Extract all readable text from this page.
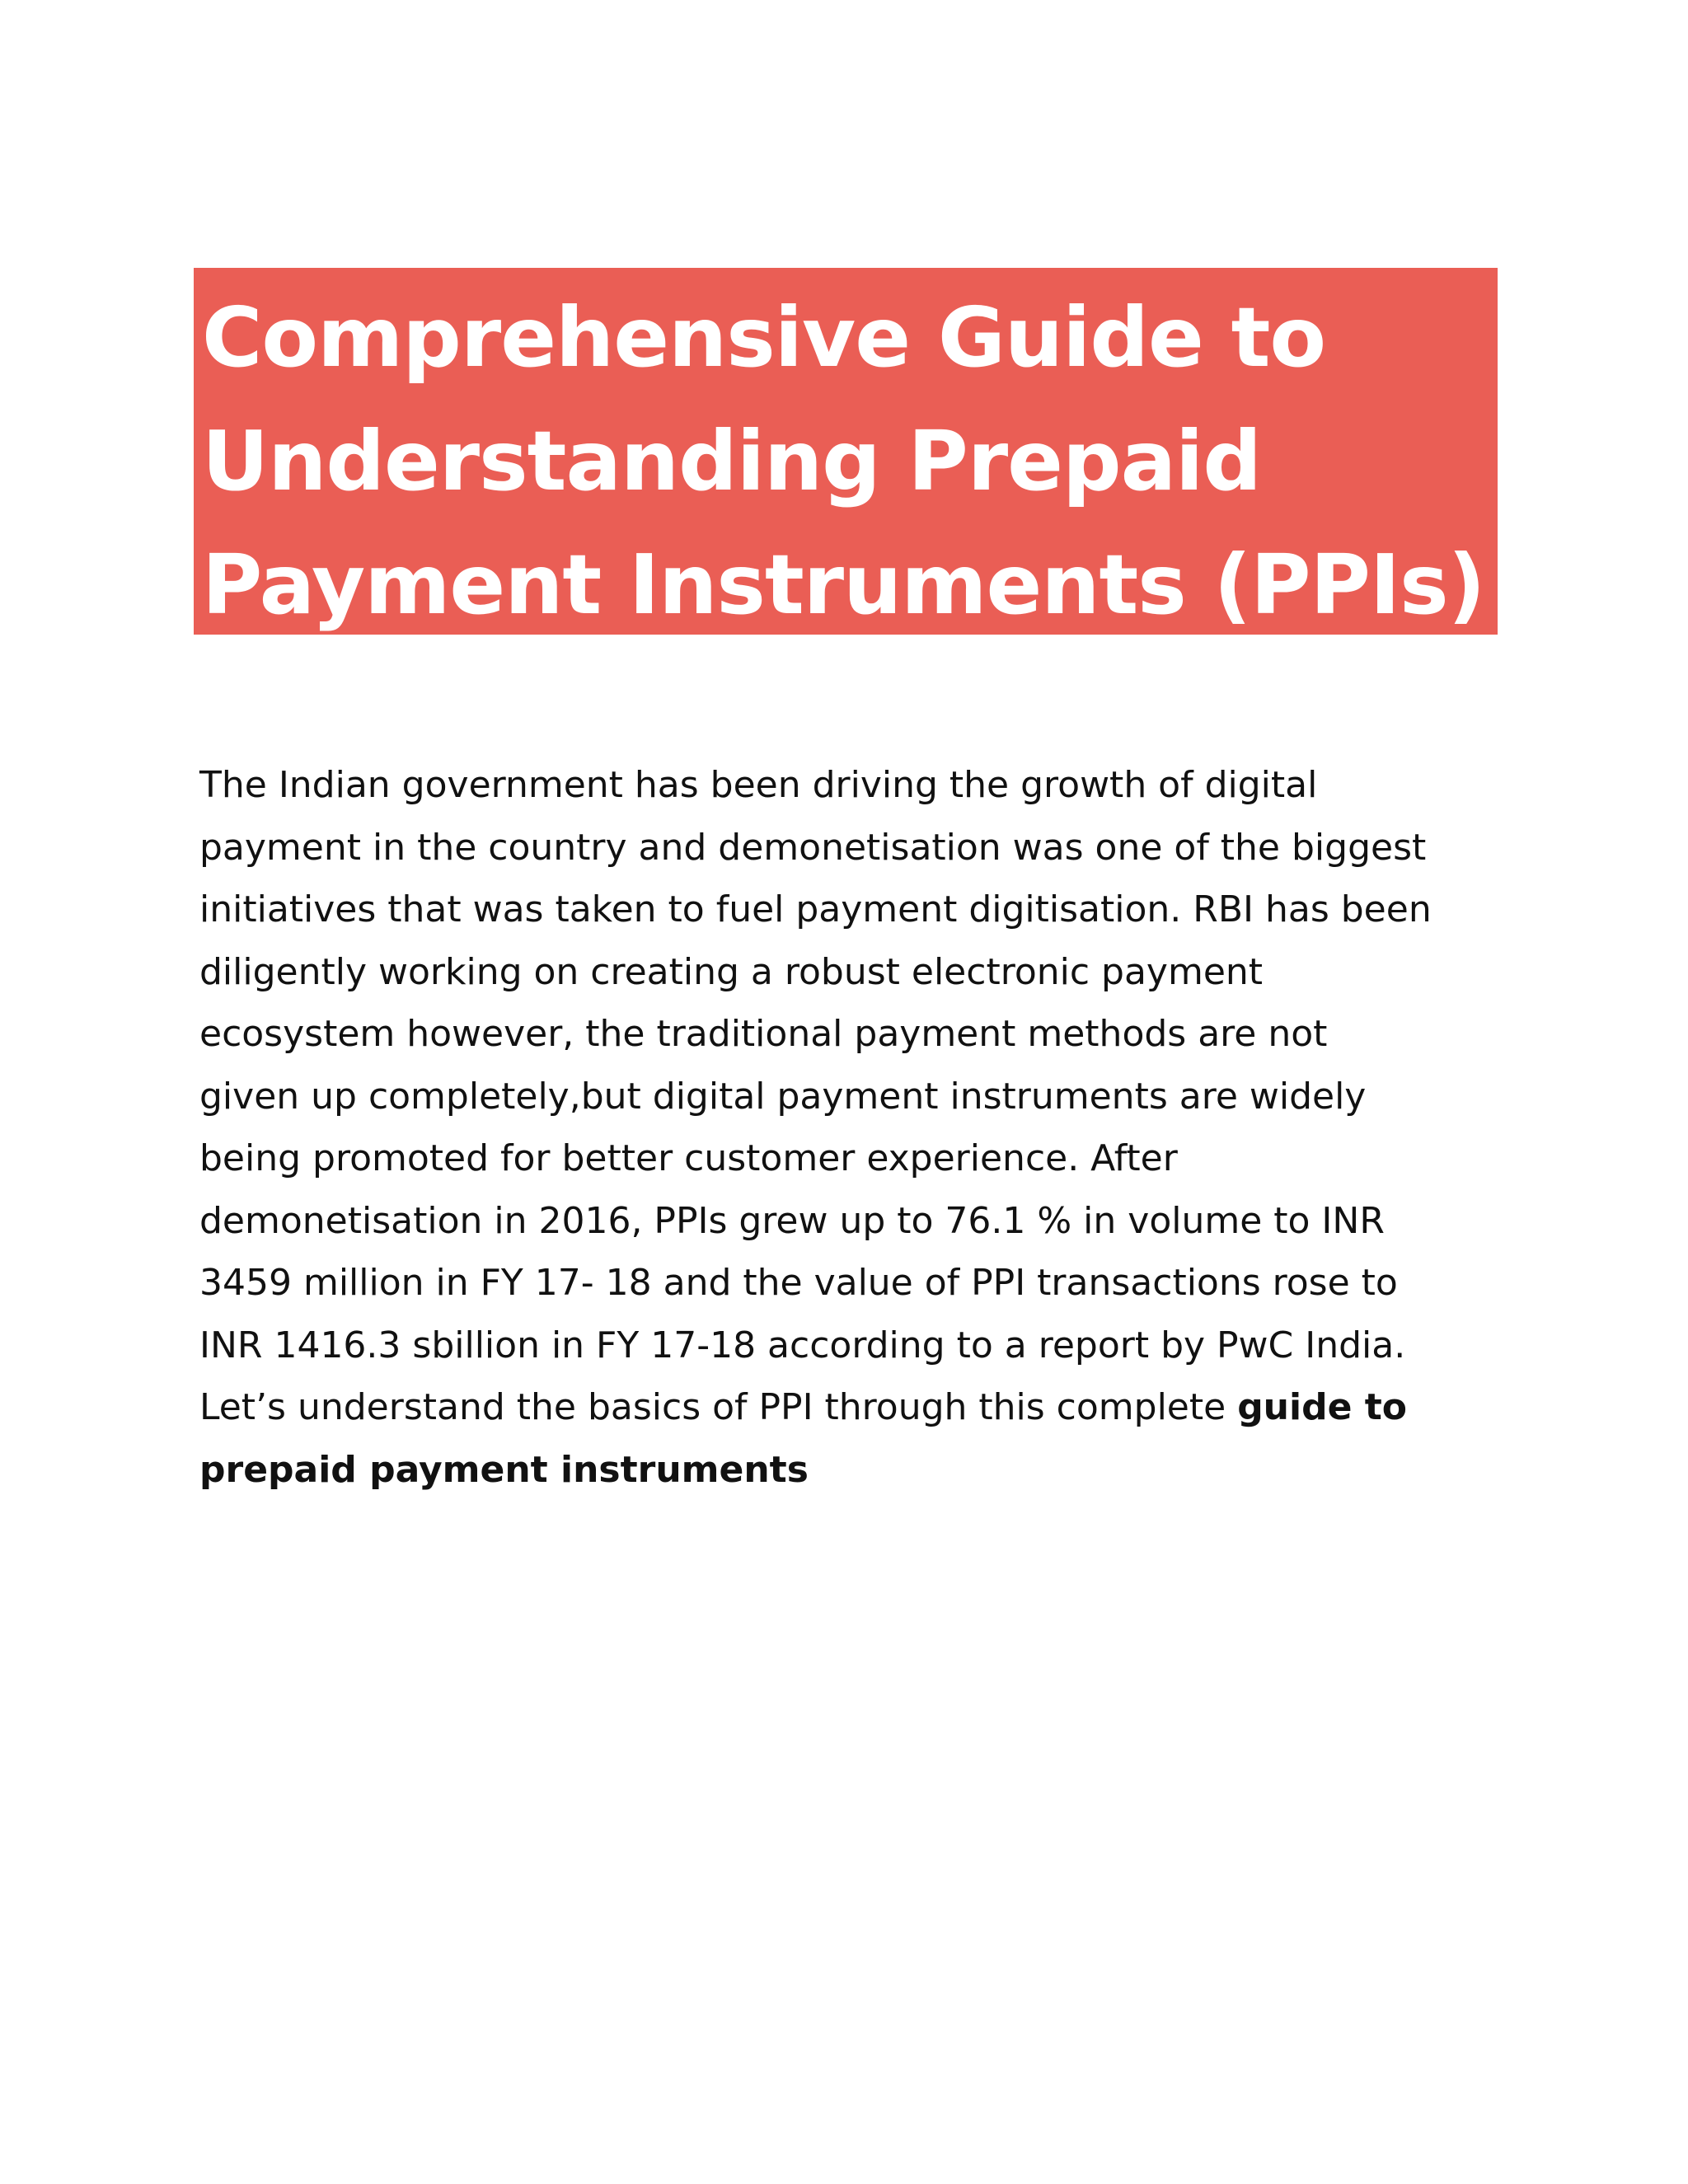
Comprehensive Guide to
Understanding Prepaid
Payment Instruments (PPIs)
The Indian government has been driving the growth of digital
payment in the country and demonetisation was one of the biggest
initiatives that was taken to fuel payment digitisation. RBI has been
diligently working on creating a robust electronic payment
ecosystem however, the traditional payment methods are not
given up completely,but digital payment instruments are widely
being promoted for better customer experience. After
demonetisation in 2016, PPIs grew up to 76.1 % in volume to INR
3459 million in FY 17- 18 and the value of PPI transactions rose to
INR 1416.3 sbillion in FY 17-18 according to a report by PwC India.
Let’s understand the basics of PPI through this complete guide to
prepaid payment instruments
